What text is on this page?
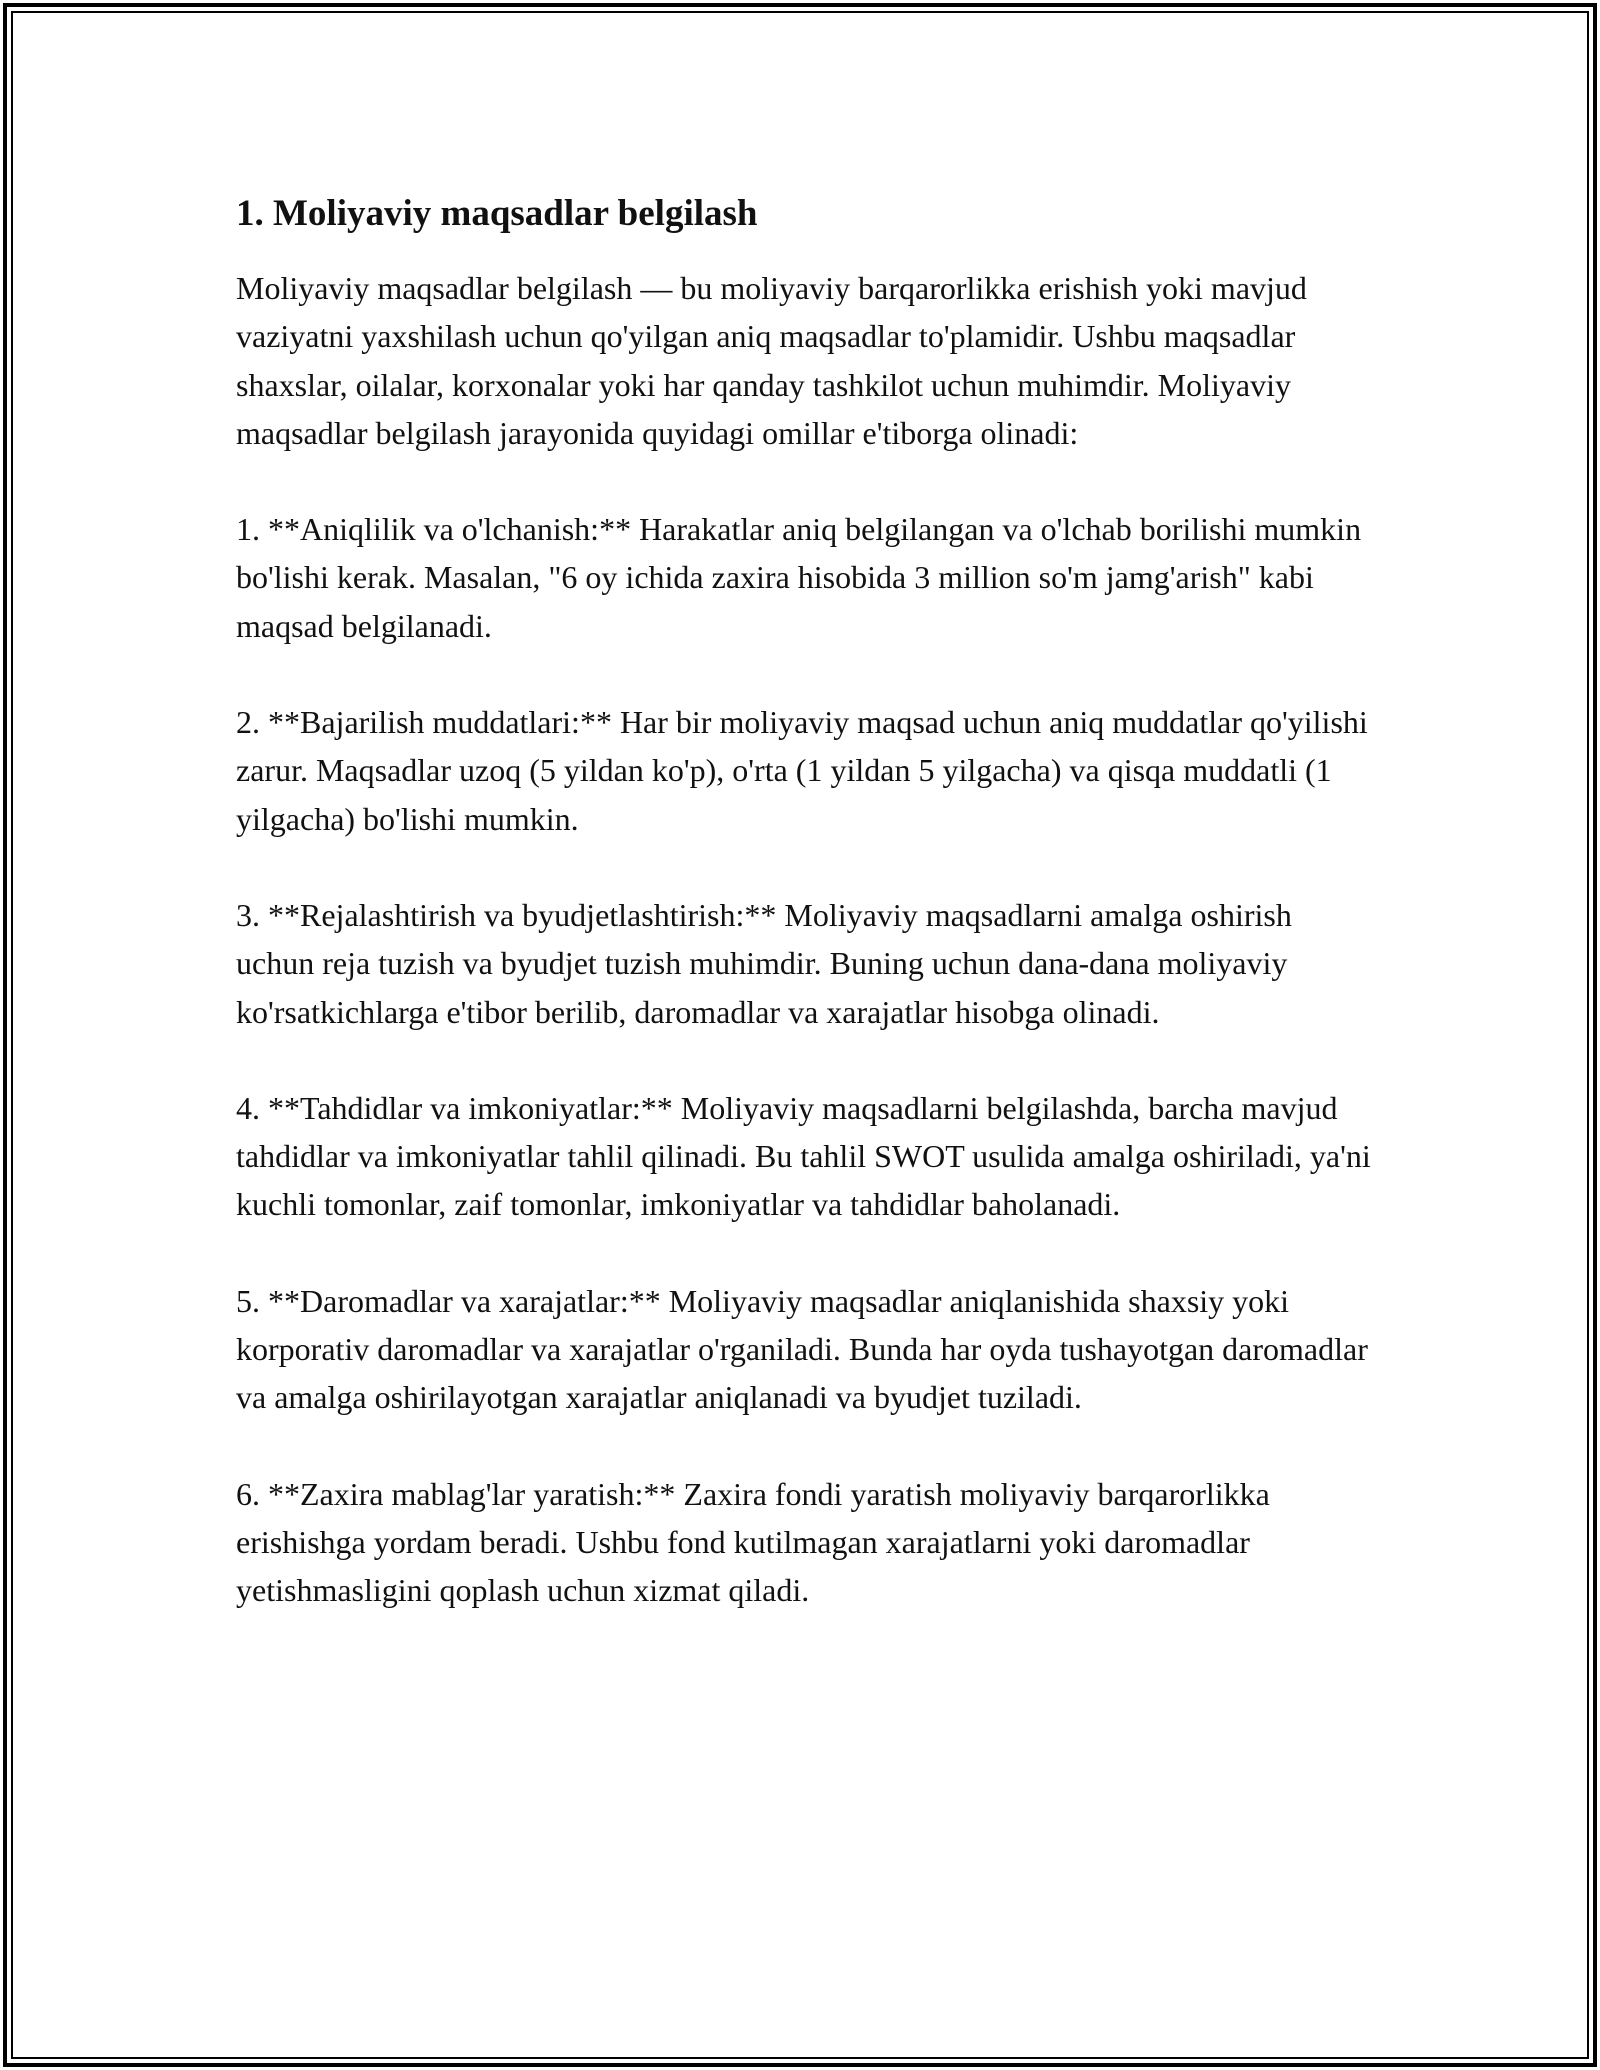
1. Moliyaviy maqsadlar belgilash

Moliyaviy maqsadlar belgilash — bu moliyaviy barqarorlikka erishish yoki mavjud vaziyatni yaxshilash uchun qo'yilgan aniq maqsadlar to'plamidir. Ushbu maqsadlar shaxslar, oilalar, korxonalar yoki har qanday tashkilot uchun muhimdir. Moliyaviy maqsadlar belgilash jarayonida quyidagi omillar e'tiborga olinadi:

1. **Aniqlilik va o'lchanish:** Harakatlar aniq belgilangan va o'lchab borilishi mumkin bo'lishi kerak. Masalan, "6 oy ichida zaxira hisobida 3 million so'm jamg'arish" kabi maqsad belgilanadi.

2. **Bajarilish muddatlari:** Har bir moliyaviy maqsad uchun aniq muddatlar qo'yilishi zarur. Maqsadlar uzoq (5 yildan ko'p), o'rta (1 yildan 5 yilgacha) va qisqa muddatli (1 yilgacha) bo'lishi mumkin.

3. **Rejalashtirish va byudjetlashtirish:** Moliyaviy maqsadlarni amalga oshirish uchun reja tuzish va byudjet tuzish muhimdir. Buning uchun dana-dana moliyaviy ko'rsatkichlarga e'tibor berilib, daromadlar va xarajatlar hisobga olinadi.

4. **Tahdidlar va imkoniyatlar:** Moliyaviy maqsadlarni belgilashda, barcha mavjud tahdidlar va imkoniyatlar tahlil qilinadi. Bu tahlil SWOT usulida amalga oshiriladi, ya'ni kuchli tomonlar, zaif tomonlar, imkoniyatlar va tahdidlar baholanadi.

5. **Daromadlar va xarajatlar:** Moliyaviy maqsadlar aniqlanishida shaxsiy yoki korporativ daromadlar va xarajatlar o'rganiladi. Bunda har oyda tushayotgan daromadlar va amalga oshirilayotgan xarajatlar aniqlanadi va byudjet tuziladi.

6. **Zaxira mablag'lar yaratish:** Zaxira fondi yaratish moliyaviy barqarorlikka erishishga yordam beradi. Ushbu fond kutilmagan xarajatlarni yoki daromadlar yetishmasligini qoplash uchun xizmat qiladi.
